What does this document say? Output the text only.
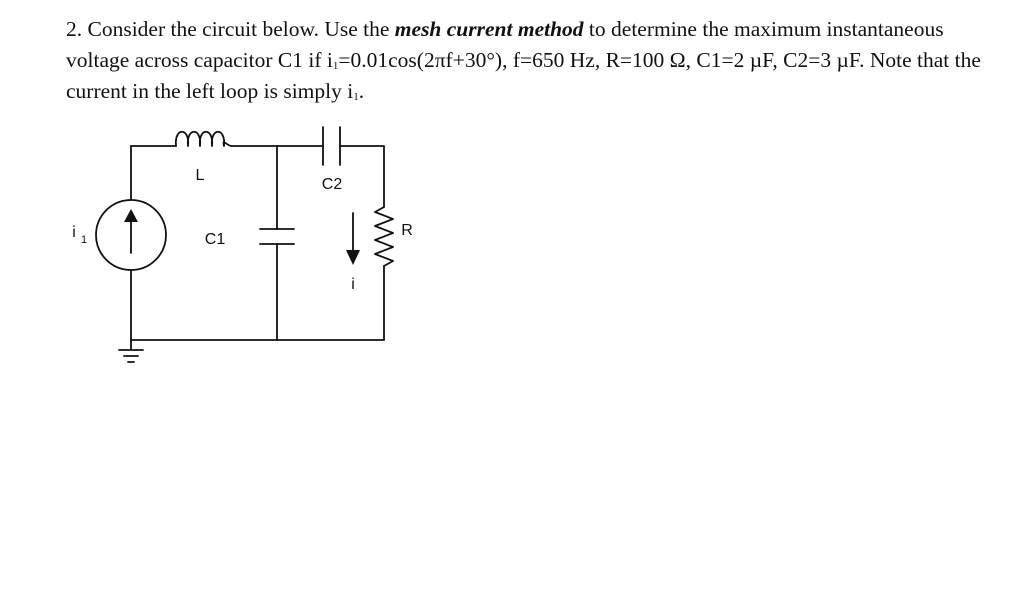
2. Consider the circuit below. Use the mesh current method to determine the maximum instantaneous voltage across capacitor C1 if $i_1=0.01\cos(2\pi f+30^\circ)$, f=650 Hz, R=100 Ω, C1=2 µF, C2=3 µF. Note that the current in the left loop is simply $i_1$.

L
C2
C1
R
i
i 1
